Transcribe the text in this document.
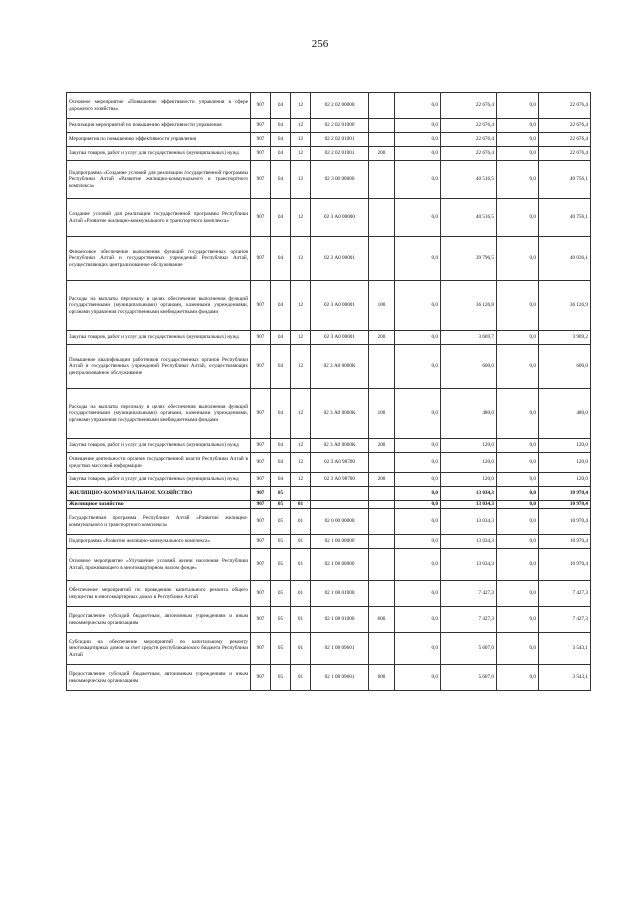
256
Основное мероприятие «Повышение эффективности управления в сфере дорожного хозяйства»	907	04	12	02 2 02 00000		0,0	22 676,4	0,0	22 676,4
Реализация мероприятий по повышению эффективности управления	907	04	12	02 2 02 01000		0,0	22 676,4	0,0	22 676,4
Мероприятия по повышению эффективности управления	907	04	12	02 2 02 01001		0,0	22 676,4	0,0	22 676,4
Закупка товаров, работ и услуг для государственных (муниципальных) нужд	907	04	12	02 2 02 01001	200	0,0	22 676,4	0,0	22 676,4
Подпрограмма «Создание условий для реализации государственной программы Республики Алтай «Развитие жилищно-коммунального и транспортного комплекса»	907	04	12	02 3 00 00000		0,0	40 516,5	0,0	40 756,1
Создание условий для реализации государственной программы Республики Алтай «Развитие жилищно-коммунального и транспортного комплекса»	907	04	12	02 3 А0 00000		0,0	40 516,5	0,0	40 756,1
Финансовое обеспечение выполнения функций государственных органов Республики Алтай и государственных учреждений Республики Алтай, осуществляющих централизованное обслуживание	907	04	12	02 3 А0 00001		0,0	39 796,5	0,0	40 036,1
Расходы на выплаты персоналу в целях обеспечения выполнения функций государственными (муниципальными) органами, казенными учреждениями, органами управления государственными внебюджетными фондами	907	04	12	02 3 А0 00001	100	0,0	36 126,8	0,0	36 126,9
Закупка товаров, работ и услуг для государственных (муниципальных) нужд	907	04	12	02 3 А0 00001	200	0,0	3 669,7	0,0	3 909,2
Повышение квалификации работников государственных органов Республики Алтай и государственных учреждений Республики Алтай, осуществляющих централизованное обслуживание	907	04	12	02 3 А0 0000К		0,0	600,0	0,0	600,0
Расходы на выплаты персоналу в целях обеспечения выполнения функций государственными (муниципальными) органами, казенными учреждениями, органами управления государственными внебюджетными фондами	907	04	12	02 3 А0 0000К	100	0,0	480,0	0,0	480,0
Закупка товаров, работ и услуг для государственных (муниципальных) нужд	907	04	12	02 3 А0 0000К	200	0,0	120,0	0,0	120,0
Освещение деятельности органов государственной власти Республики Алтай в средствах массовой информации	907	04	12	02 3 А0 98700		0,0	120,0	0,0	120,0
Закупка товаров, работ и услуг для государственных (муниципальных) нужд	907	04	12	02 3 А0 98700	200	0,0	120,0	0,0	120,0
ЖИЛИЩНО-КОММУНАЛЬНОЕ ХОЗЯЙСТВО	907	05				0,0	13 034,3	0,0	10 970,4
Жилищное хозяйство	907	05	01			0,0	13 034,3	0,0	10 970,4
Государственная программа Республики Алтай «Развитие жилищно-коммунального и транспортного комплекса»	907	05	01	02 0 00 00000		0,0	13 034,3	0,0	10 970,4
Подпрограмма «Развитие жилищно-коммунального комплекса»	907	05	01	02 1 00 00000		0,0	13 034,3	0,0	10 970,4
Основное мероприятие «Улучшение условий жизни населения Республики Алтай, проживающего в многоквартирном жилом фонде»	907	05	01	02 1 08 00000		0,0	13 034,3	0,0	10 970,4
Обеспечение мероприятий по проведению капитального ремонта общего имущества в многоквартирных домах в Республике Алтай	907	05	01	02 1 08 01000		0,0	7 427,3	0,0	7 427,3
Предоставление субсидий бюджетным, автономным учреждениям и иным некоммерческим организациям	907	05	01	02 1 08 01000	600	0,0	7 427,3	0,0	7 427,3
Субсидии на обеспечение мероприятий по капитальному ремонту многоквартирных домов за счет средств республиканского бюджета Республики Алтай	907	05	01	02 1 08 09601		0,0	5 607,0	0,0	3 543,1
Предоставление субсидий бюджетным, автономным учреждениям и иным некоммерческим организациям	907	05	01	02 1 08 09601	600	0,0	5 607,0	0,0	3 543,1
